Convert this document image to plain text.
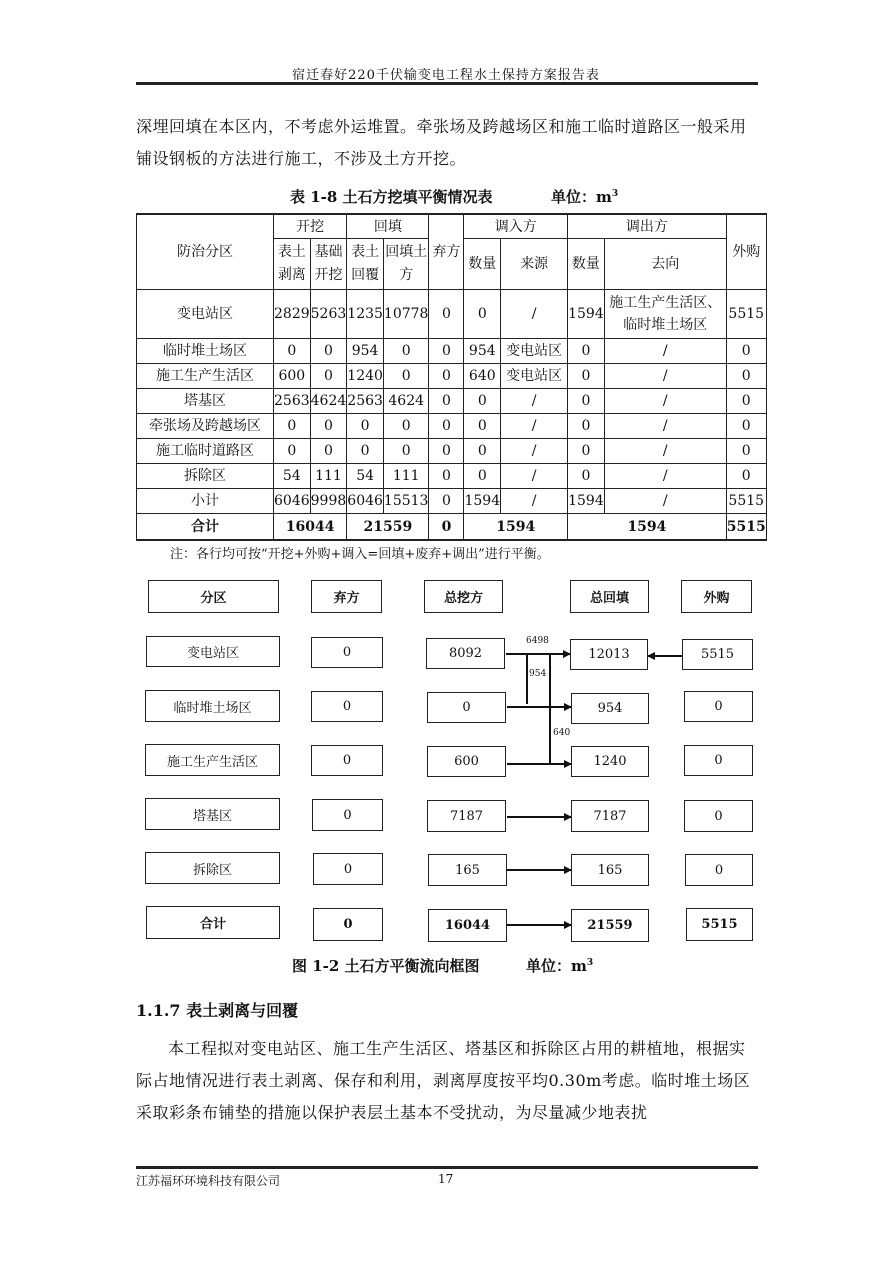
宿迁春好220千伏输变电工程水土保持方案报告表
深埋回填在本区内，不考虑外运堆置。牵张场及跨越场区和施工临时道路区一般采用铺设钢板的方法进行施工，不涉及土方开挖。
表 1-8 土石方挖填平衡情况表	单位：$m^3$
防治分区	开挖		回填		弃方	调入方		调出方		外购
	表土剥离	基础开挖	表土回覆	回填土方		数量	来源	数量	去向	
变电站区	2829	5263	1235	10778	0	0	/	1594	施工生产生活区、临时堆土场区	5515
临时堆土场区	0	0	954	0	0	954	变电站区	0	/	0
施工生产生活区	600	0	1240	0	0	640	变电站区	0	/	0
塔基区	2563	4624	2563	4624	0	0	/	0	/	0
牵张场及跨越场区	0	0	0	0	0	0	/	0	/	0
施工临时道路区	0	0	0	0	0	0	/	0	/	0
拆除区	54	111	54	111	0	0	/	0	/	0
小计	6046	9998	6046	15513	0	1594	/	1594	/	5515
合计	16044		21559		0	1594		1594		5515
注：各行均可按“开挖+外购+调入=回填+废弃+调出”进行平衡。
6498
954
640
分区	弃方	总挖方	总回填	外购
变电站区	0	8092	12013	5515
临时堆土场区	0	0	954	0
施工生产生活区	0	600	1240	0
塔基区	0	7187	7187	0
拆除区	0	165	165	0
合计	0	16044	21559	5515
图 1-2 土石方平衡流向框图	单位：$m^3$
1.1.7 表土剥离与回覆
本工程拟对变电站区、施工生产生活区、塔基区和拆除区占用的耕植地，根据实际占地情况进行表土剥离、保存和利用，剥离厚度按平均0.30m考虑。临时堆土场区采取彩条布铺垫的措施以保护表层土基本不受扰动，为尽量减少地表扰
江苏福环环境科技有限公司	17
